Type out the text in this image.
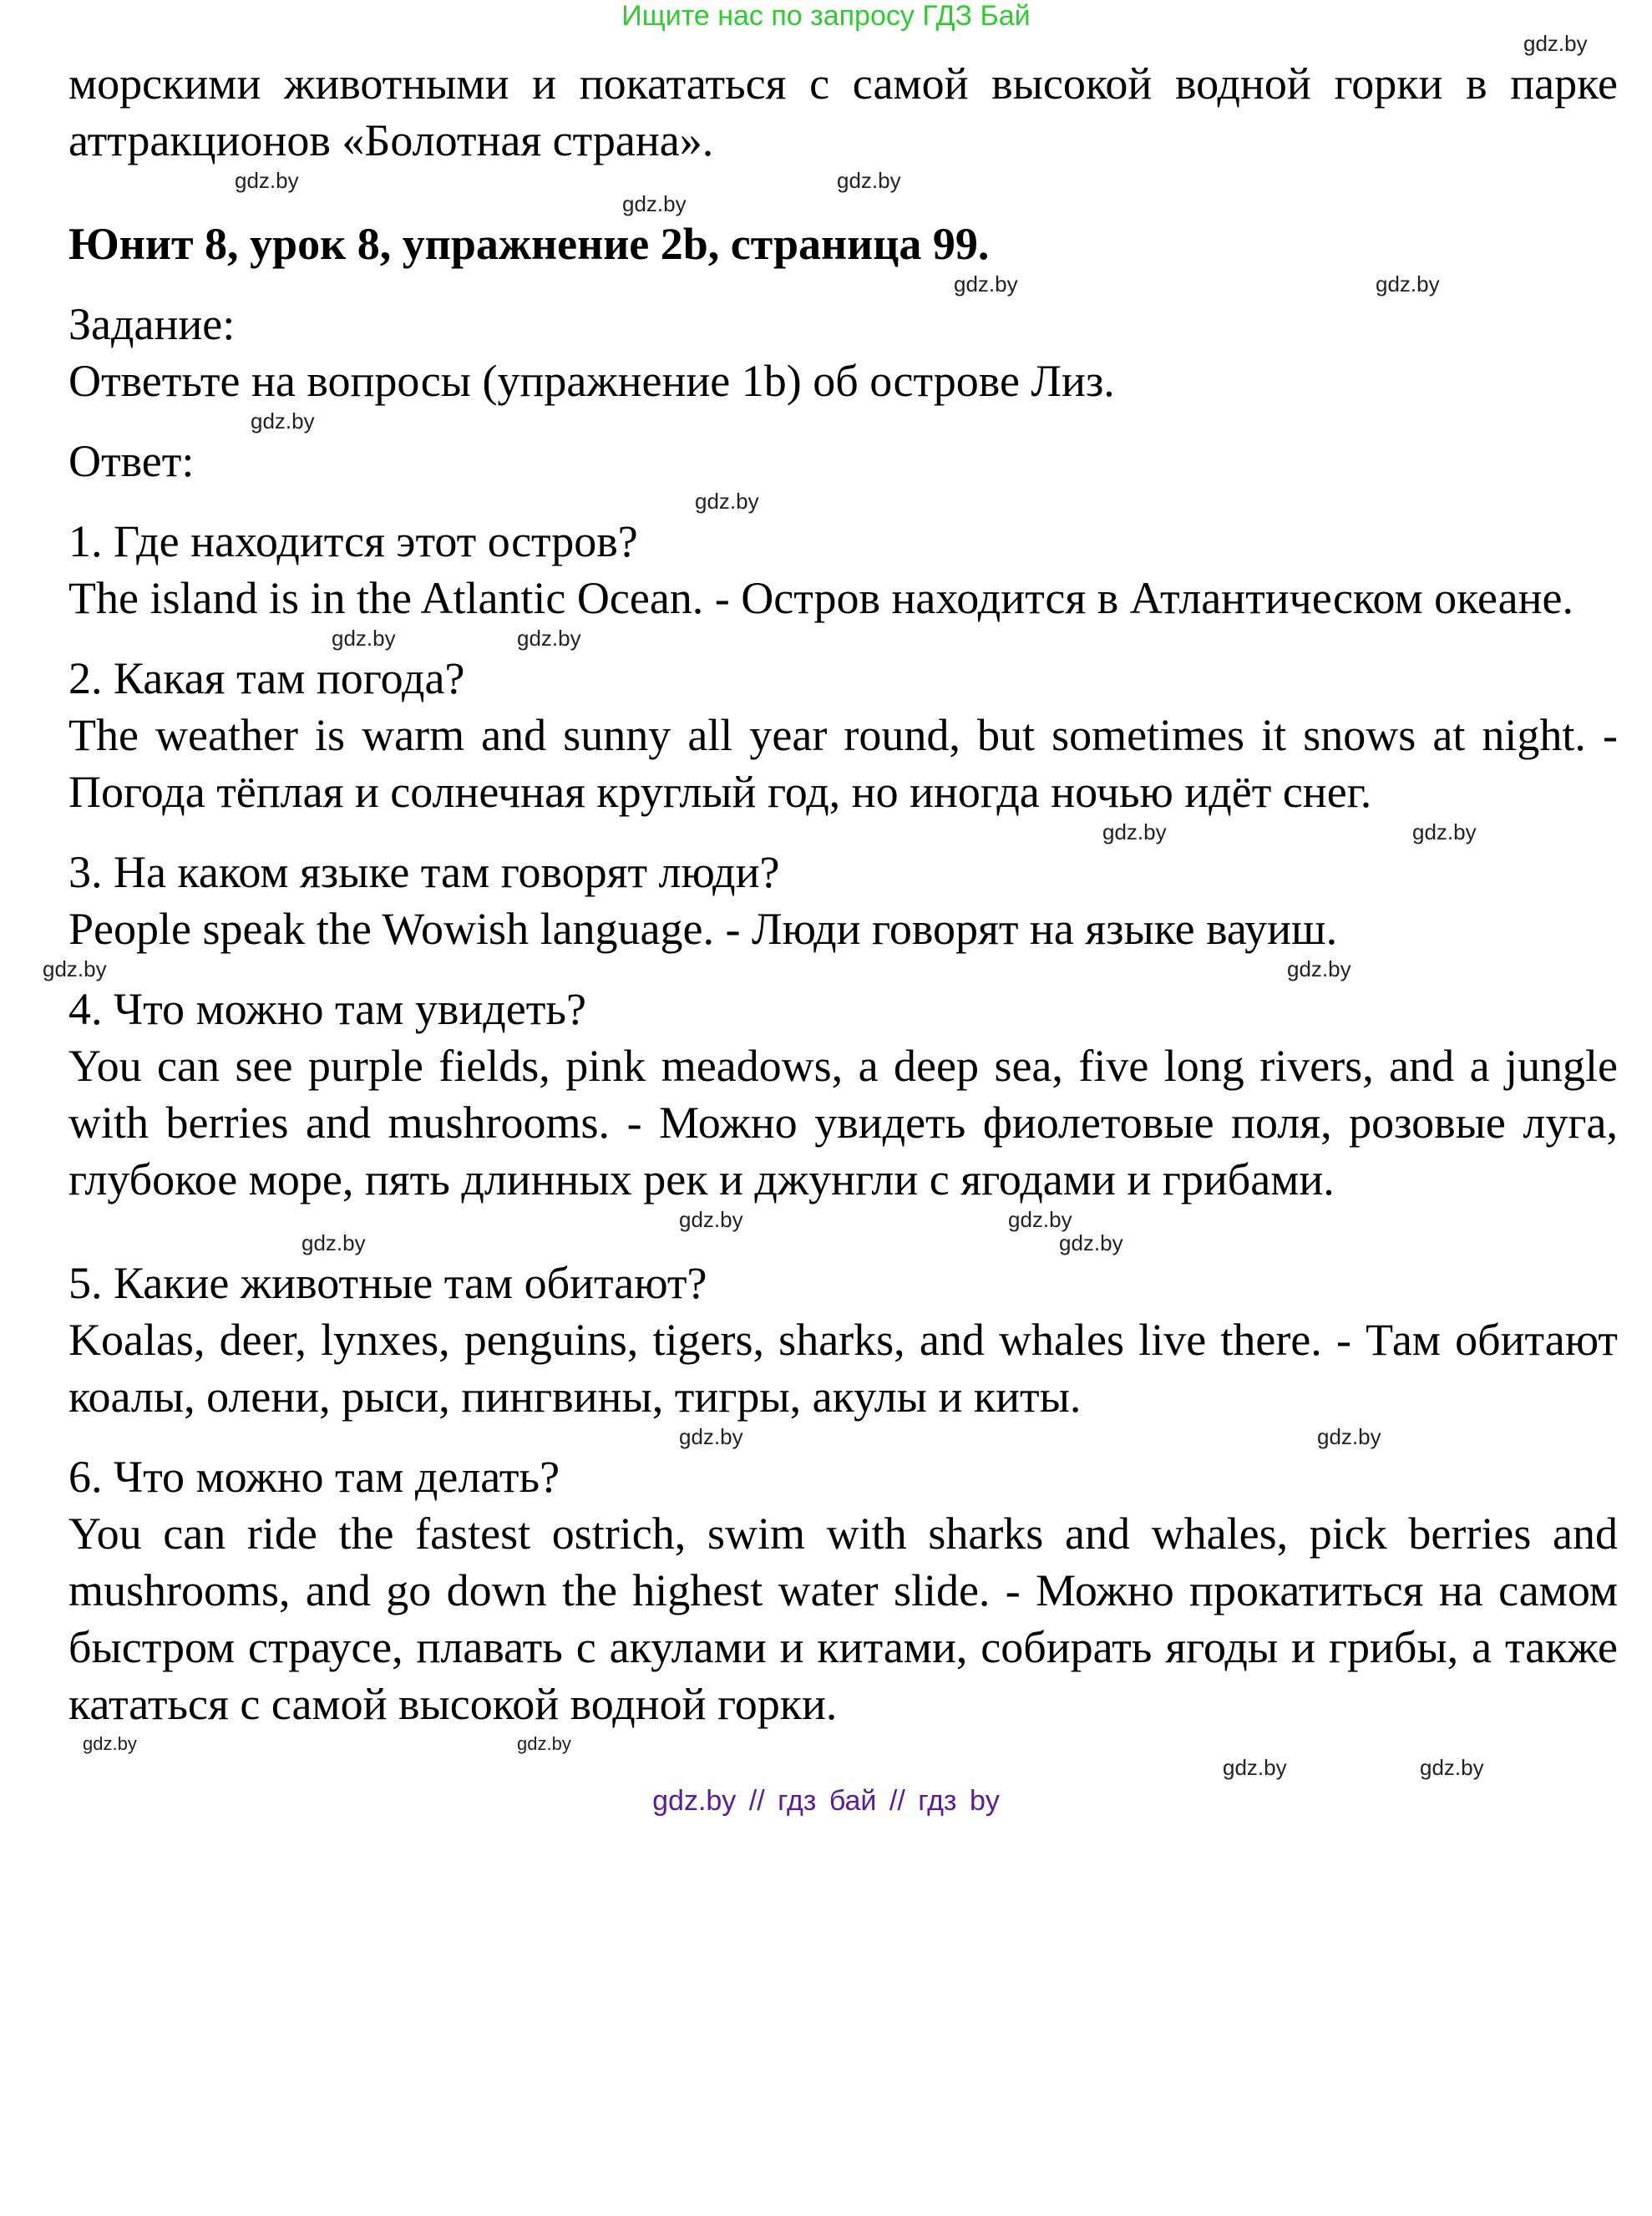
Ищите нас по запросу ГДЗ Бай
gdz.by
морскими животными и покататься с самой высокой водной горки в парке аттракционов «Болотная страна».
gdz.by	gdz.by
gdz.by
Юнит 8, урок 8, упражнение 2b, страница 99.
gdz.by	gdz.by
Задание:
Ответьте на вопросы (упражнение 1b) об острове Лиз.
gdz.by
Ответ:
gdz.by
1. Где находится этот остров?
The island is in the Atlantic Ocean. - Остров находится в Атлантическом океане.
gdz.by	gdz.by
2. Какая там погода?
The weather is warm and sunny all year round, but sometimes it snows at night. - Погода тёплая и солнечная круглый год, но иногда ночью идёт снег.
gdz.by	gdz.by
3. На каком языке там говорят люди?
People speak the Wowish language. - Люди говорят на языке вауиш.
gdz.by	gdz.by
4. Что можно там увидеть?
You can see purple fields, pink meadows, a deep sea, five long rivers, and a jungle with berries and mushrooms. - Можно увидеть фиолетовые поля, розовые луга, глубокое море, пять длинных рек и джунгли с ягодами и грибами.
gdz.by	gdz.by
gdz.by	gdz.by
5. Какие животные там обитают?
Koalas, deer, lynxes, penguins, tigers, sharks, and whales live there. - Там обитают коалы, олени, рыси, пингвины, тигры, акулы и киты.
gdz.by	gdz.by
6. Что можно там делать?
You can ride the fastest ostrich, swim with sharks and whales, pick berries and mushrooms, and go down the highest water slide. - Можно прокатиться на самом быстром страусе, плавать с акулами и китами, собирать ягоды и грибы, а также кататься с самой высокой водной горки.
gdz.by	gdz.by
gdz.by	gdz.by
gdz.by // гдз бай // гдз by
